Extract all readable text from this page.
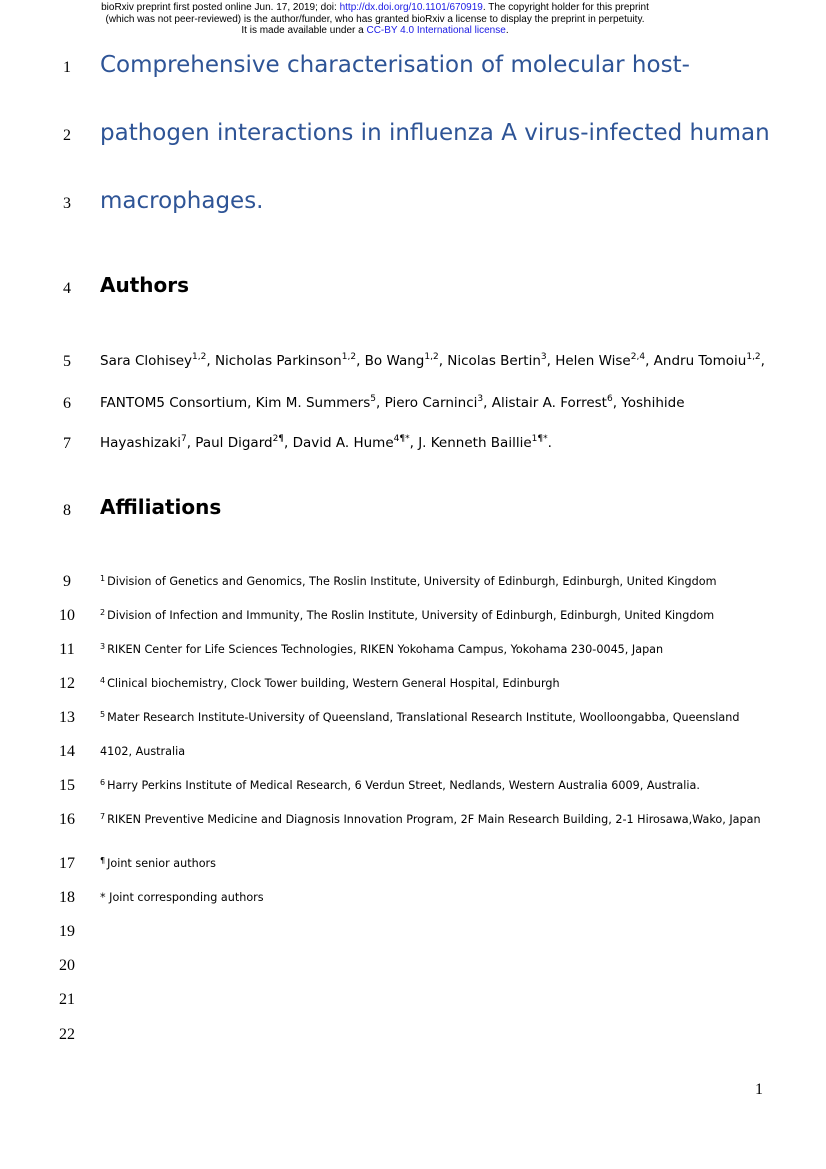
bioRxiv preprint first posted online Jun. 17, 2019; doi: http://dx.doi.org/10.1101/670919. The copyright holder for this preprint
(which was not peer-reviewed) is the author/funder, who has granted bioRxiv a license to display the preprint in perpetuity.
It is made available under a CC-BY 4.0 International license.
1
2
3
4
5
6
7
8
9
10
11
12
13
14
15
16
17
18
19
20
21
22
Comprehensive characterisation of molecular host-
pathogen interactions in influenza A virus-infected human
macrophages.
Authors
Sara Clohisey$^{1,2}$, Nicholas Parkinson$^{1,2}$, Bo Wang$^{1,2}$, Nicolas Bertin$^3$, Helen Wise$^{2,4}$, Andru Tomoiu$^{1,2}$,
FANTOM5 Consortium, Kim M. Summers$^5$, Piero Carninci$^3$, Alistair A. Forrest$^6$, Yoshihide
Hayashizaki$^7$, Paul Digard$^{2\P}$, David A. Hume$^{4\P*}$, J. Kenneth Baillie$^{1\P*}$.
Affiliations
$^1$ Division of Genetics and Genomics, The Roslin Institute, University of Edinburgh, Edinburgh, United Kingdom
$^2$ Division of Infection and Immunity, The Roslin Institute, University of Edinburgh, Edinburgh, United Kingdom
$^3$ RIKEN Center for Life Sciences Technologies, RIKEN Yokohama Campus, Yokohama 230-0045, Japan
$^4$ Clinical biochemistry, Clock Tower building, Western General Hospital, Edinburgh
$^5$ Mater Research Institute-University of Queensland, Translational Research Institute, Woolloongabba, Queensland
4102, Australia
$^6$ Harry Perkins Institute of Medical Research, 6 Verdun Street, Nedlands, Western Australia 6009, Australia.
$^7$ RIKEN Preventive Medicine and Diagnosis Innovation Program, 2F Main Research Building, 2-1 Hirosawa,Wako, Japan
¶ Joint senior authors
* Joint corresponding authors
1
